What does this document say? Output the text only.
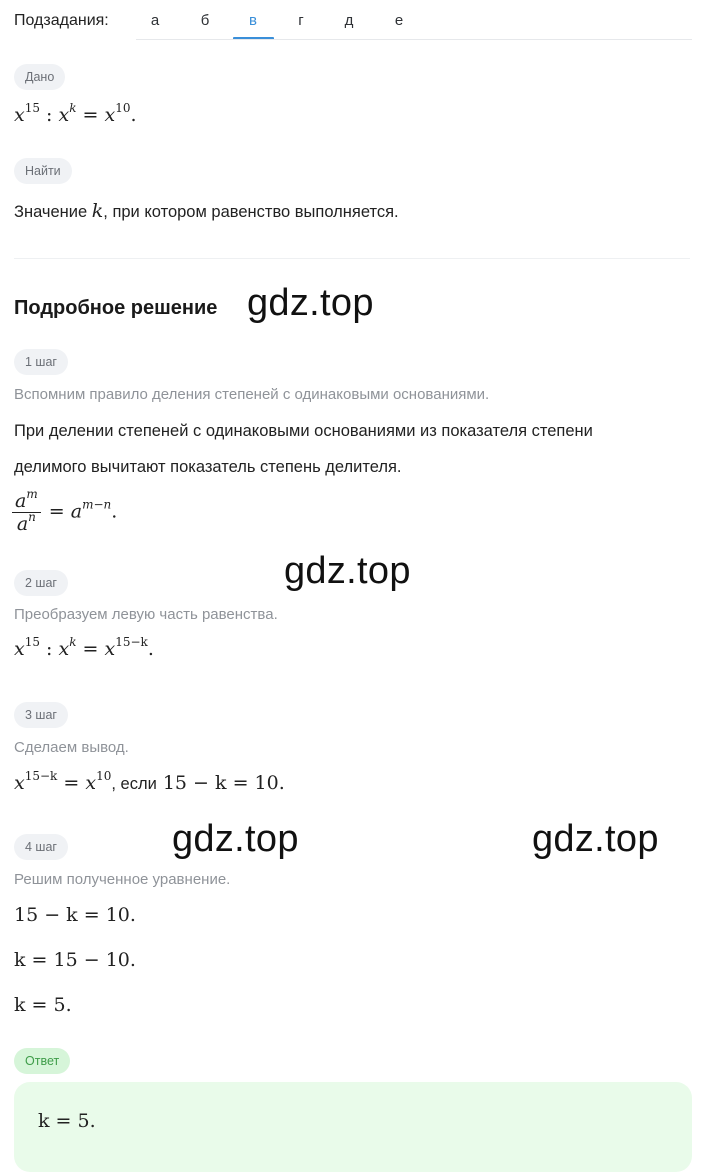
Подзадания:	а	б	в	г	д	е
Дано
$x^{15}$ : $x^k = x^{10}$.
Найти
Значение k, при котором равенство выполняется.
Подробное решение
1 шаг
Вспомним правило деления степеней с одинаковыми основаниями.
При делении степеней с одинаковыми основаниями из показателя степени
делимого вычитают показатель степень делителя.
$\frac{a^m}{a^n} = a^{m-n}$.
2 шаг
Преобразуем левую часть равенства.
$x^{15}$ : $x^k = x^{15-k}$.
3 шаг
Сделаем вывод.
$x^{15-k} = x^{10}$, если 15 − k = 10.
4 шаг
Решим полученное уравнение.
15 − k = 10.
k = 15 − 10.
k = 5.
Ответ
k = 5.
gdz.top
gdz.top
gdz.top	gdz.top
